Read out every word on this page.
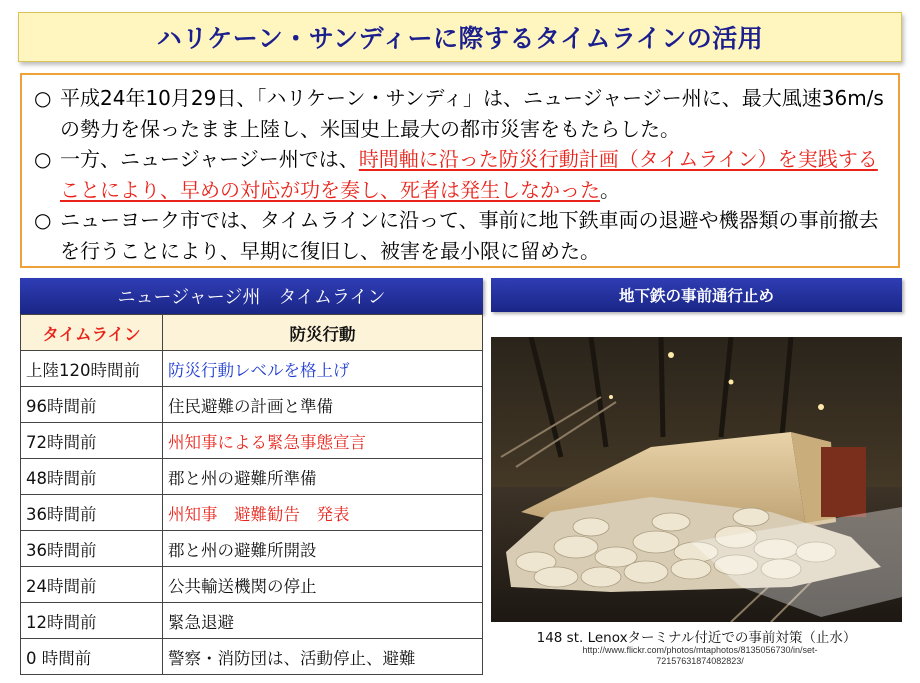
ハリケーン・サンディーに際するタイムラインの活用
○ 平成24年10月29日、「ハリケーン・サンディ」は、ニュージャージー州に、最大風速36m/sの勢力を保ったまま上陸し、米国史上最大の都市災害をもたらした。
○ 一方、ニュージャージー州では、時間軸に沿った防災行動計画（タイムライン）を実践することにより、早めの対応が功を奏し、死者は発生しなかった。
○ ニューヨーク市では、タイムラインに沿って、事前に地下鉄車両の退避や機器類の事前撤去を行うことにより、早期に復旧し、被害を最小限に留めた。
ニュージャージ州　タイムライン
タイムライン	防災行動
上陸120時間前	防災行動レベルを格上げ
96時間前	住民避難の計画と準備
72時間前	州知事による緊急事態宣言
48時間前	郡と州の避難所準備
36時間前	州知事　避難勧告　発表
36時間前	郡と州の避難所開設
24時間前	公共輸送機関の停止
12時間前	緊急退避
0 時間前	警察・消防団は、活動停止、避難
地下鉄の事前通行止め
148 st. Lenoxターミナル付近での事前対策（止水）
http://www.flickr.com/photos/mtaphotos/8135056730/in/set-72157631874082823/
